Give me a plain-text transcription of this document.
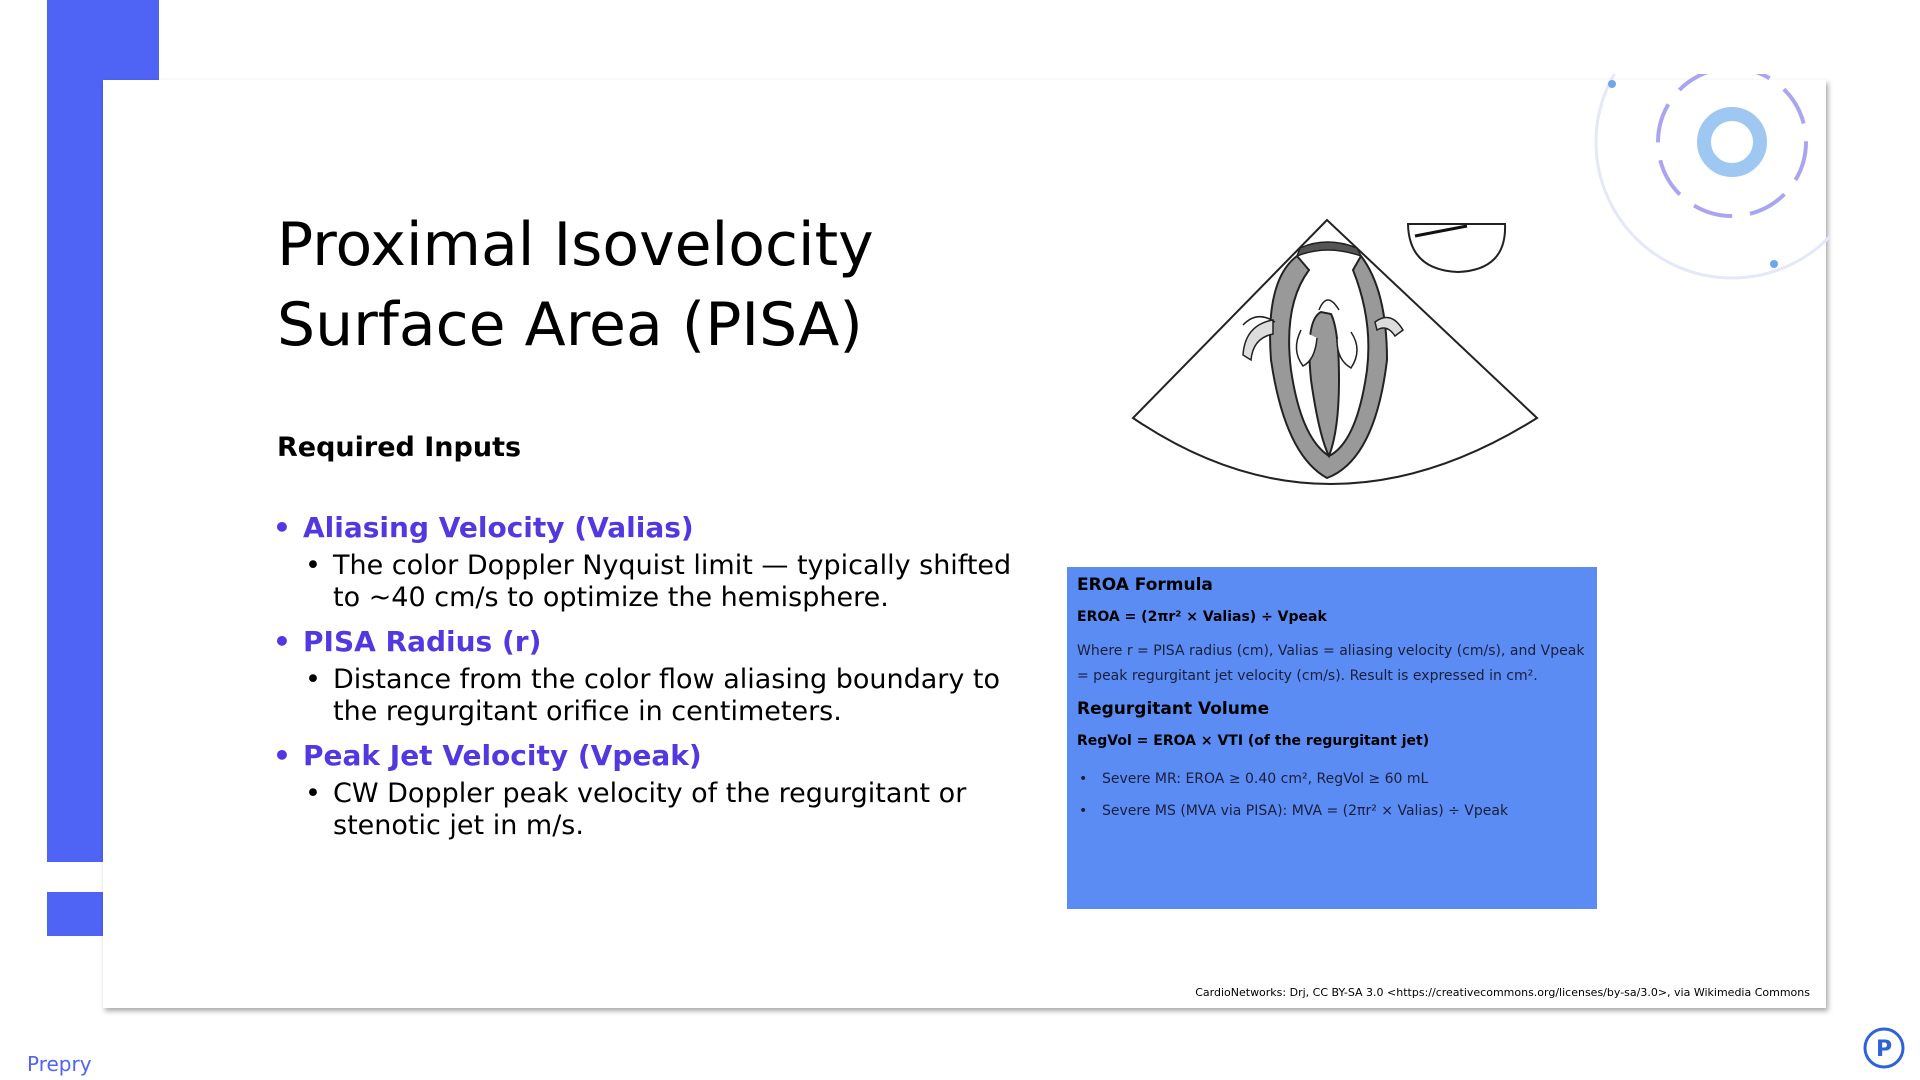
Proximal Isovelocity Surface Area (PISA)
Required Inputs
• Aliasing Velocity (Valias)
• The color Doppler Nyquist limit — typically shifted to ~40 cm/s to optimize the hemisphere.
• PISA Radius (r)
• Distance from the color flow aliasing boundary to the regurgitant orifice in centimeters.
• Peak Jet Velocity (Vpeak)
• CW Doppler peak velocity of the regurgitant or stenotic jet in m/s.

EROA Formula

EROA = (2πr² × Valias) ÷ Vpeak

Where r = PISA radius (cm), Valias = aliasing velocity (cm/s), and Vpeak = peak regurgitant jet velocity (cm/s). Result is expressed in cm².

Regurgitant Volume

RegVol = EROA × VTI (of the regurgitant jet)

• Severe MR: EROA ≥ 0.40 cm², RegVol ≥ 60 mL
• Severe MS (MVA via PISA): MVA = (2πr² × Valias) ÷ Vpeak
CardioNetworks: Drj, CC BY-SA 3.0 <https://creativecommons.org/licenses/by-sa/3.0>, via Wikimedia Commons
Prepry
P
